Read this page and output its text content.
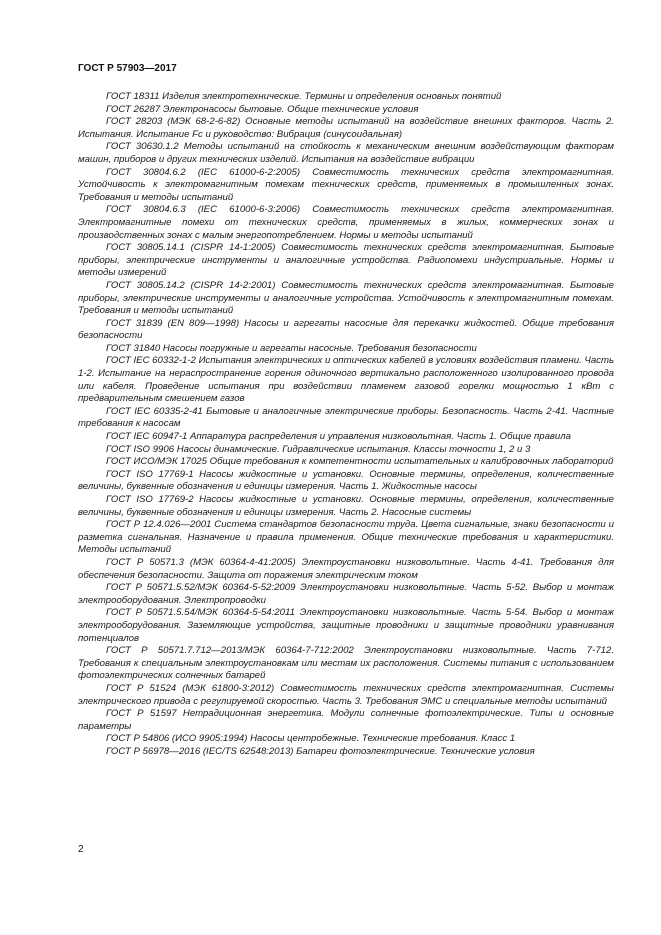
ГОСТ Р 57903—2017

ГОСТ 18311 Изделия электротехнические. Термины и определения основных понятий

ГОСТ 26287 Электронасосы бытовые. Общие технические условия

ГОСТ 28203 (МЭК 68-2-6-82) Основные методы испытаний на воздействие внешних факторов. Часть 2. Испытания. Испытание Fc и руководство: Вибрация (синусоидальная)

ГОСТ 30630.1.2 Методы испытаний на стойкость к механическим внешним воздействующим факторам машин, приборов и других технических изделий. Испытания на воздействие вибрации

ГОСТ 30804.6.2 (IEC 61000-6-2:2005) Совместимость технических средств электромагнитная. Устойчивость к электромагнитным помехам технических средств, применяемых в промышленных зонах. Требования и методы испытаний

ГОСТ 30804.6.3 (IEC 61000-6-3:2006) Совместимость технических средств электромагнитная. Электромагнитные помехи от технических средств, применяемых в жилых, коммерческих зонах и производственных зонах с малым энергопотреблением. Нормы и методы испытаний

ГОСТ 30805.14.1 (CISPR 14-1:2005) Совместимость технических средств электромагнитная. Бытовые приборы, электрические инструменты и аналогичные устройства. Радиопомехи индустриальные. Нормы и методы измерений

ГОСТ 30805.14.2 (CISPR 14-2:2001) Совместимость технических средств электромагнитная. Бытовые приборы, электрические инструменты и аналогичные устройства. Устойчивость к электромагнитным помехам. Требования и методы испытаний

ГОСТ 31839 (EN 809—1998) Насосы и агрегаты насосные для перекачки жидкостей. Общие требования безопасности

ГОСТ 31840 Насосы погружные и агрегаты насосные. Требования безопасности

ГОСТ IEC 60332-1-2 Испытания электрических и оптических кабелей в условиях воздействия пламени. Часть 1-2. Испытание на нераспространение горения одиночного вертикально расположенного изолированного провода или кабеля. Проведение испытания при воздействии пламенем газовой горелки мощностью 1 кВт с предварительным смешением газов

ГОСТ IEC 60335-2-41 Бытовые и аналогичные электрические приборы. Безопасность. Часть 2-41. Частные требования к насосам

ГОСТ IEC 60947-1 Аппаратура распределения и управления низковольтная. Часть 1. Общие правила

ГОСТ ISO 9906 Насосы динамические. Гидравлические испытания. Классы точности 1, 2 и 3

ГОСТ ИСО/МЭК 17025 Общие требования к компетентности испытательных и калибровочных лабораторий

ГОСТ ISO 17769-1 Насосы жидкостные и установки. Основные термины, определения, количественные величины, буквенные обозначения и единицы измерения. Часть 1. Жидкостные насосы

ГОСТ ISO 17769-2 Насосы жидкостные и установки. Основные термины, определения, количественные величины, буквенные обозначения и единицы измерения. Часть 2. Насосные системы

ГОСТ Р 12.4.026—2001 Система стандартов безопасности труда. Цвета сигнальные, знаки безопасности и разметка сигнальная. Назначение и правила применения. Общие технические требования и характеристики. Методы испытаний

ГОСТ Р 50571.3 (МЭК 60364-4-41:2005) Электроустановки низковольтные. Часть 4-41. Требования для обеспечения безопасности. Защита от поражения электрическим током

ГОСТ Р 50571.5.52/МЭК 60364-5-52:2009 Электроустановки низковольтные. Часть 5-52. Выбор и монтаж электрооборудования. Электропроводки

ГОСТ Р 50571.5.54/МЭК 60364-5-54:2011 Электроустановки низковольтные. Часть 5-54. Выбор и монтаж электрооборудования. Заземляющие устройства, защитные проводники и защитные проводники уравнивания потенциалов

ГОСТ Р 50571.7.712—2013/МЭК 60364-7-712:2002 Электроустановки низковольтные. Часть 7-712. Требования к специальным электроустановкам или местам их расположения. Системы питания с использованием фотоэлектрических солнечных батарей

ГОСТ Р 51524 (МЭК 61800-3:2012) Совместимость технических средств электромагнитная. Системы электрического привода с регулируемой скоростью. Часть 3. Требования ЭМС и специальные методы испытаний

ГОСТ Р 51597 Нетрадиционная энергетика. Модули солнечные фотоэлектрические. Типы и основные параметры

ГОСТ Р 54806 (ИСО 9905:1994) Насосы центробежные. Технические требования. Класс 1

ГОСТ Р 56978—2016 (IEC/TS 62548:2013) Батареи фотоэлектрические. Технические условия

2
